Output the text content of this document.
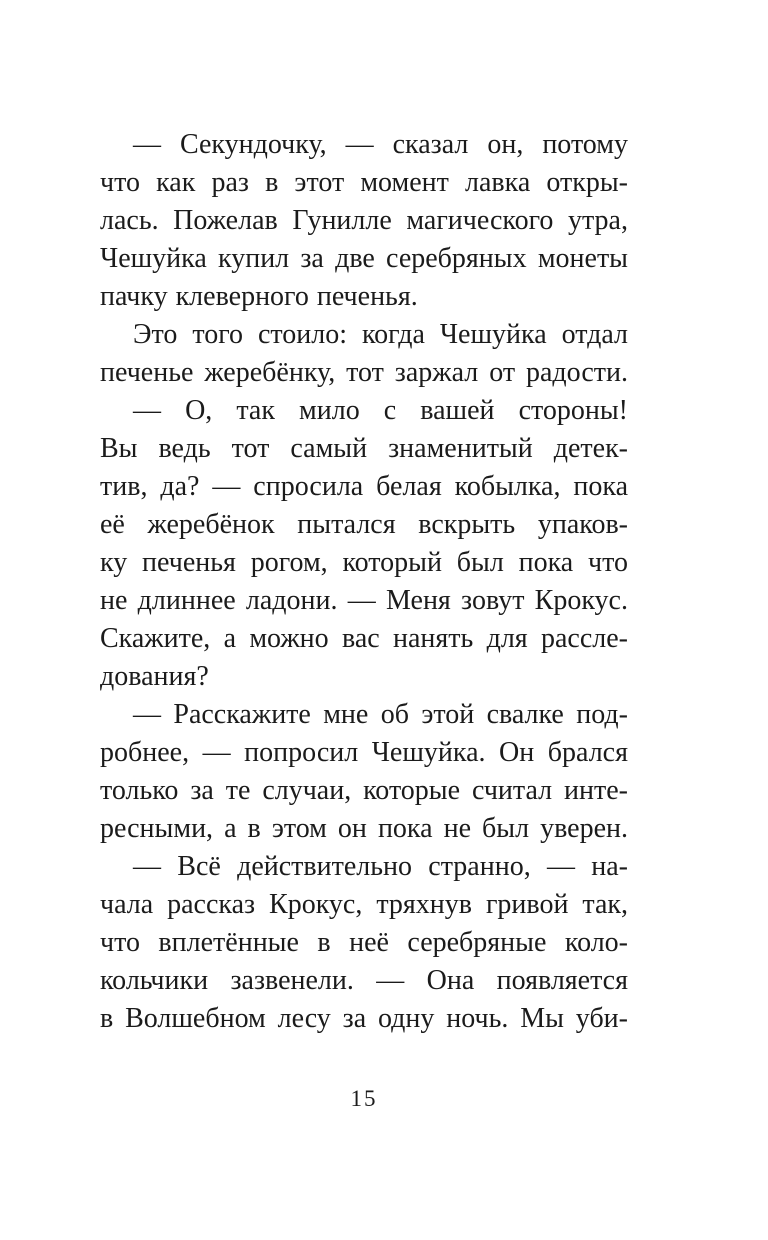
— Секундочку, — сказал он, потому
что как раз в этот момент лавка откры-
лась. Пожелав Гунилле магического утра,
Чешуйка купил за две серебряных монеты
пачку клеверного печенья.
Это того стоило: когда Чешуйка отдал
печенье жеребёнку, тот заржал от радости.
— О, так мило с вашей стороны!
Вы ведь тот самый знаменитый детек-
тив, да? — спросила белая кобылка, пока
её жеребёнок пытался вскрыть упаков-
ку печенья рогом, который был пока что
не длиннее ладони. — Меня зовут Крокус.
Скажите, а можно вас нанять для рассле-
дования?
— Расскажите мне об этой свалке под-
робнее, — попросил Чешуйка. Он брался
только за те случаи, которые считал инте-
ресными, а в этом он пока не был уверен.
— Всё действительно странно, — на-
чала рассказ Крокус, тряхнув гривой так,
что вплетённые в неё серебряные коло-
кольчики зазвенели. — Она появляется
в Волшебном лесу за одну ночь. Мы уби-
15
